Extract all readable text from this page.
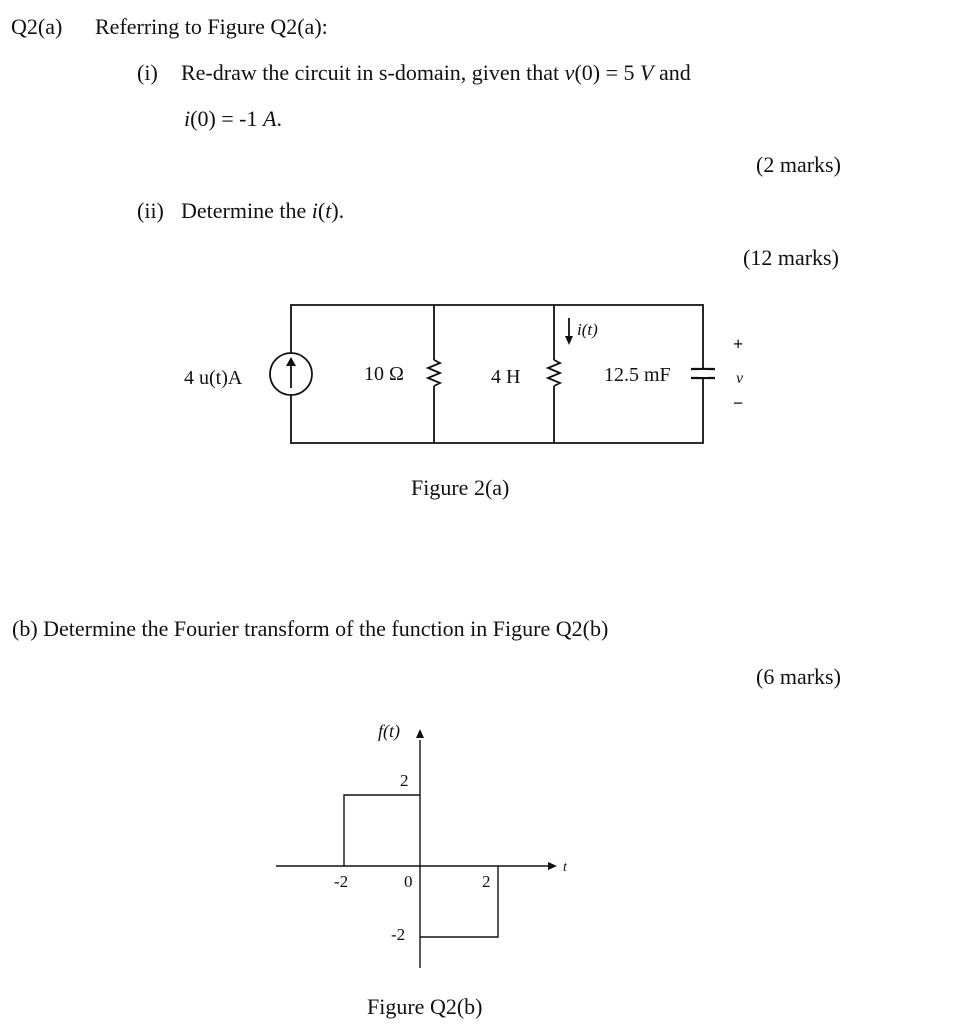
Q2(a) Referring to Figure Q2(a):
(i) Re-draw the circuit in s-domain, given that v(0) = 5 V and
i(0) = -1 A.
(2 marks)
(ii) Determine the i(t).
(12 marks)
4 u(t)A	10 Ω	4 H	12.5 mF
i(t)
+
v
−
Figure 2(a)
(b) Determine the Fourier transform of the function in Figure Q2(b)
(6 marks)
f(t)
t
2
-2
-2	0	2
Figure Q2(b)
